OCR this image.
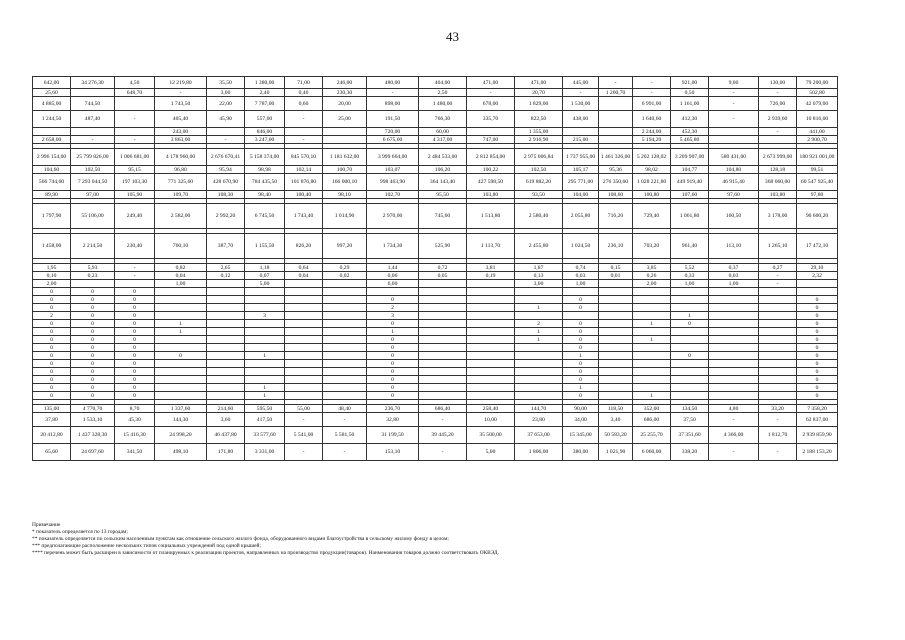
43
642,00	34 276,30	4,50	12 219,80	35,50	1 380,00	71,00	246,00	480,00	404,00	471,00	471,00	445,00	-	-	921,00	9,00	130,00	79 200,00
25,60		648,70	-	3,00	2,40	0,40	230,30	-	2,50	-	20,70	-	1 200,70	-	0,50	-	-	502,80
4 885,00	744,50		1 743,50	22,00	7 787,00	0,60	20,00	898,00	1 480,00	678,00	1 829,00	1 530,00		6 991,00	1 161,00	-	726,00	42 079,00
1 244,50	487,40	-	405,40	45,90	557,00	-	25,00	191,50	766,30	335,70	822,50	438,00		1 640,60	412,30	-	2 939,60	10 816,00
			243,00		846,00			720,00	60,00		1 355,00			2 244,00	452,30		-	441,00
2 658,00	-	-	3 863,00	-	3 247,00	-		6 675,00	4 317,00	747,00	2 916,90	215,00		5 194,20	5 465,80			2 900,70

2 996 154,00	25 799 826,00	1 006 681,00	4 178 960,00	2 676 670,41	5 158 374,00	845 570,10	1 181 632,00	3 999 664,00	2 484 533,00	2 812 854,00	2 975 006,84	1 737 955,00	1 461 326,00	5 202 128,02	3 209 907,00	580 431,00	2 673 999,00	180 921 001,00
104,60	102,50	95,15	96,80	95,94	98,98	102,14	100,70	103,07	106,20	100,22	102,50	105,17	95,36	98,02	104,77	104,80	128,18	99,51
566 744,60	7 293 044,50	197 103,30	771 325,60	428 670,90	784 435,50	101 876,80	166 000,10	998 463,90	364 143,40	427 598,50	619 882,20	295 771,00	276 350,60	1 028 221,80	449 919,40	46 915,40	368 060,00	60 547 925,40
89,90	97,00	105,90	109,70	108,30	98,40	100,40	98,10	102,70	95,50	103,80	93,50	104,00	108,60	100,80	107,60	97,60	103,80	97,80

1 797,90	55 106,00	249,40	2 582,00	2 992,20	6 745,50	1 743,40	1 014,90	2 970,00	745,60	1 513,80	2 580,40	2 055,80	716,20	729,40	1 061,80	160,50	3 178,00	90 600,20

1 458,00	2 214,50	230,40	760,10	387,70	1 155,50	826,20	997,20	1 734,30	525,90	1 113,70	2 455,80	1 024,50	236,10	703,20	961,40	113,10	1 265,10	17 472,10

1,95	5,93	-	0,82	2,65	1,18	0,64	0,29	1,44	0,72	3,81	1,87	0,74	0,15	3,85	5,52	0,37	0,27	29,10
0,10	0,23	-	0,04	0,12	0,07	0,04	0,02	0,06	0,05	0,19	0,13	0,03	0,01	0,26	0,33	0,03	-	2,32
2,00			1,00		5,00			6,00			3,00	1,00		2,00	1,00	1,00	-	
0	0	0																
0	0	0						0				0						0
0	0	0						2			1	0						0
2	0	0			3			3							1			0
0	0	0	1					0			2	0		1	0			0
0	0	0	1					1			1	0						0
0	0	0						0			1	0		1				0
0	0	0						0				0						0
0	0	0	0		1			0				1			0			0
0	0	0						0				0						0
0	0	0						0				0						0
0	0	0						0				0						0
0	0	0			1			0				1						0
0	0	0			1			0				0		1				0

135,00	4 770,70	8,70	1 337,60	214,60	595,50	55,00	48,40	236,70	686,40	258,40	144,70	90,00	118,50	352,00	134,50	4,80	33,20	7 358,20
37,80	1 533,10	45,30	144,30	3,60	417,50	-	-	32,80	-	10,00	23,80	34,00	3,40	686,00	37,50	-	-	63 837,00
20 412,80	1 437 328,30	15 416,30	24 998,20	46 437,80	33 577,60	5 541,00	5 581,50	31 199,50	39 445,20	35 500,00	37 653,00	15 345,00	50 583,20	25 255,70	37 351,60	4 366,00	1 812,70	2 939 859,90
65,60	24 697,60	341,50	498,10	171,80	3 331,00	-	-	153,10	-	5,00	1 806,00	380,00	1 021,90	6 060,00	338,20	-	-	2 188 153,20
Примечание
* показатель определяется по 13 городам;
** показатель определяется по сельским населенным пунктам как отношение сельского жилого фонда, оборудованного видами благоустройства в сельскому жилому фонду в целом;
*** предполагающие расположение нескольких типов социальных учреждений под одной крышей;
**** перечень может быть расширен в зависимости от планируемых к реализации проектов, направленных на производство продукции(товаров). Наименования товаров должно соответствовать ОКВЭД.
